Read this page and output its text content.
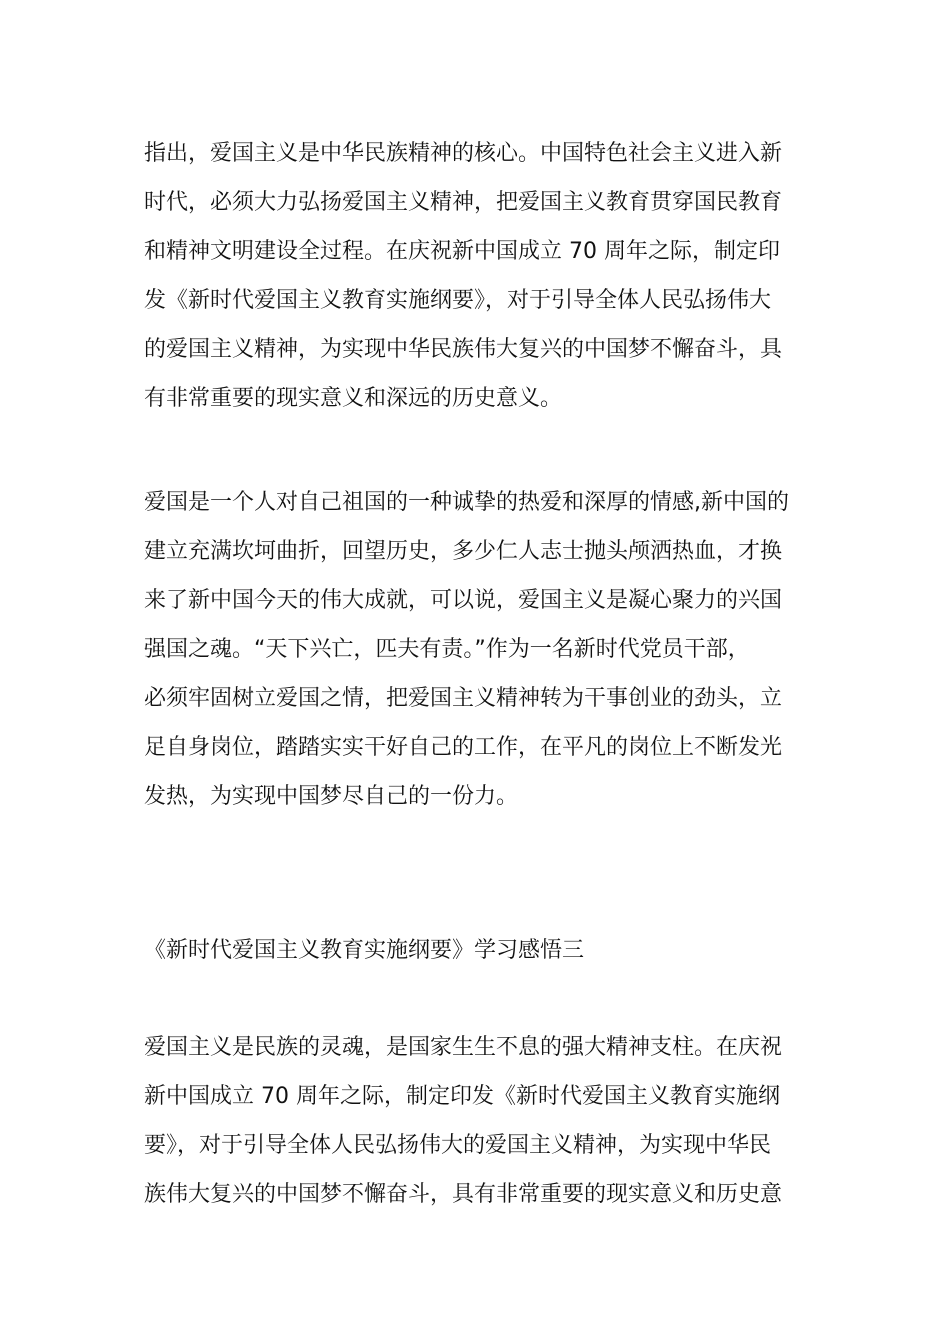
指出，爱国主义是中华民族精神的核心。中国特色社会主义进入新
时代，必须大力弘扬爱国主义精神，把爱国主义教育贯穿国民教育
和精神文明建设全过程。在庆祝新中国成立 70 周年之际，制定印
发《新时代爱国主义教育实施纲要》，对于引导全体人民弘扬伟大
的爱国主义精神，为实现中华民族伟大复兴的中国梦不懈奋斗，具
有非常重要的现实意义和深远的历史意义。

爱国是一个人对自己祖国的一种诚挚的热爱和深厚的情感,新中国的
建立充满坎坷曲折，回望历史，多少仁人志士抛头颅洒热血，才换
来了新中国今天的伟大成就，可以说，爱国主义是凝心聚力的兴国
强国之魂。“天下兴亡，匹夫有责。”作为一名新时代党员干部，
必须牢固树立爱国之情，把爱国主义精神转为干事创业的劲头，立
足自身岗位，踏踏实实干好自己的工作，在平凡的岗位上不断发光
发热，为实现中国梦尽自己的一份力。

《新时代爱国主义教育实施纲要》学习感悟三

爱国主义是民族的灵魂，是国家生生不息的强大精神支柱。在庆祝
新中国成立 70 周年之际，制定印发《新时代爱国主义教育实施纲
要》，对于引导全体人民弘扬伟大的爱国主义精神，为实现中华民
族伟大复兴的中国梦不懈奋斗，具有非常重要的现实意义和历史意
